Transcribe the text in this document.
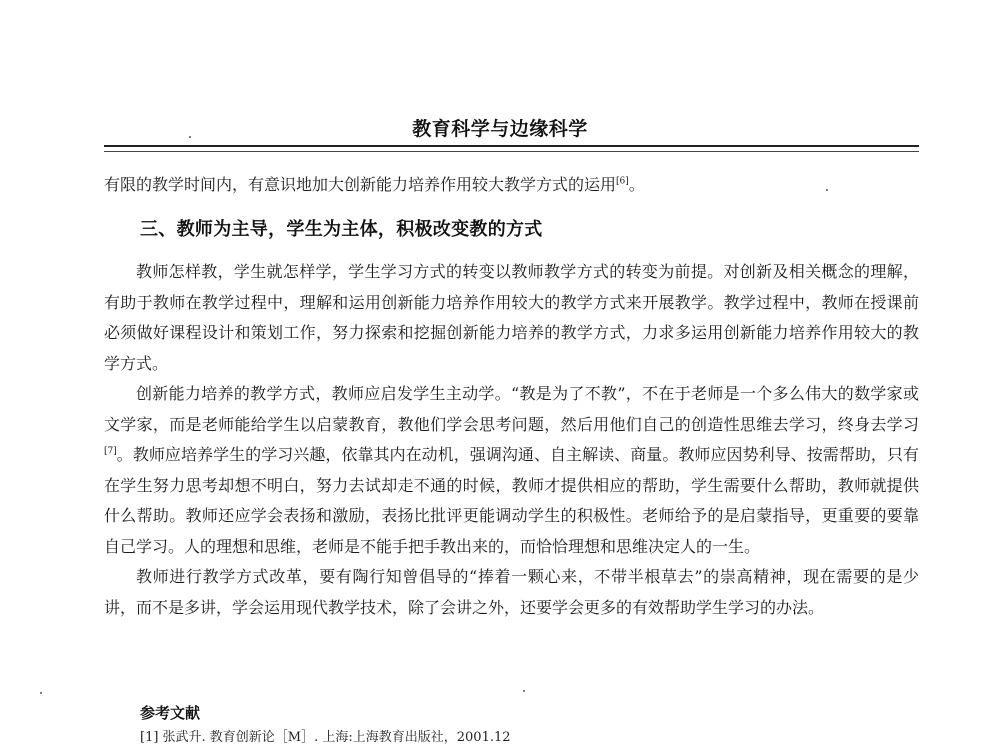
教育科学与边缘科学
有限的教学时间内，有意识地加大创新能力培养作用较大教学方式的运用[6]。
三、教师为主导，学生为主体，积极改变教的方式

教师怎样教，学生就怎样学，学生学习方式的转变以教师教学方式的转变为前提。对创新及相关概念的理解，有助于教师在教学过程中，理解和运用创新能力培养作用较大的教学方式来开展教学。教学过程中，教师在授课前必须做好课程设计和策划工作，努力探索和挖掘创新能力培养的教学方式，力求多运用创新能力培养作用较大的教学方式。

创新能力培养的教学方式，教师应启发学生主动学。“教是为了不教”，不在于老师是一个多么伟大的数学家或文学家，而是老师能给学生以启蒙教育，教他们学会思考问题，然后用他们自己的创造性思维去学习，终身去学习[7]。教师应培养学生的学习兴趣，依靠其内在动机，强调沟通、自主解读、商量。教师应因势利导、按需帮助，只有在学生努力思考却想不明白，努力去试却走不通的时候，教师才提供相应的帮助，学生需要什么帮助，教师就提供什么帮助。教师还应学会表扬和激励，表扬比批评更能调动学生的积极性。老师给予的是启蒙指导，更重要的要靠自己学习。人的理想和思维，老师是不能手把手教出来的，而恰恰理想和思维决定人的一生。

教师进行教学方式改革，要有陶行知曾倡导的“捧着一颗心来，不带半根草去”的崇高精神，现在需要的是少讲，而不是多讲，学会运用现代教学技术，除了会讲之外，还要学会更多的有效帮助学生学习的办法。

参考文献
[1] 张武升. 教育创新论［M］. 上海:上海教育出版社，2001.12
